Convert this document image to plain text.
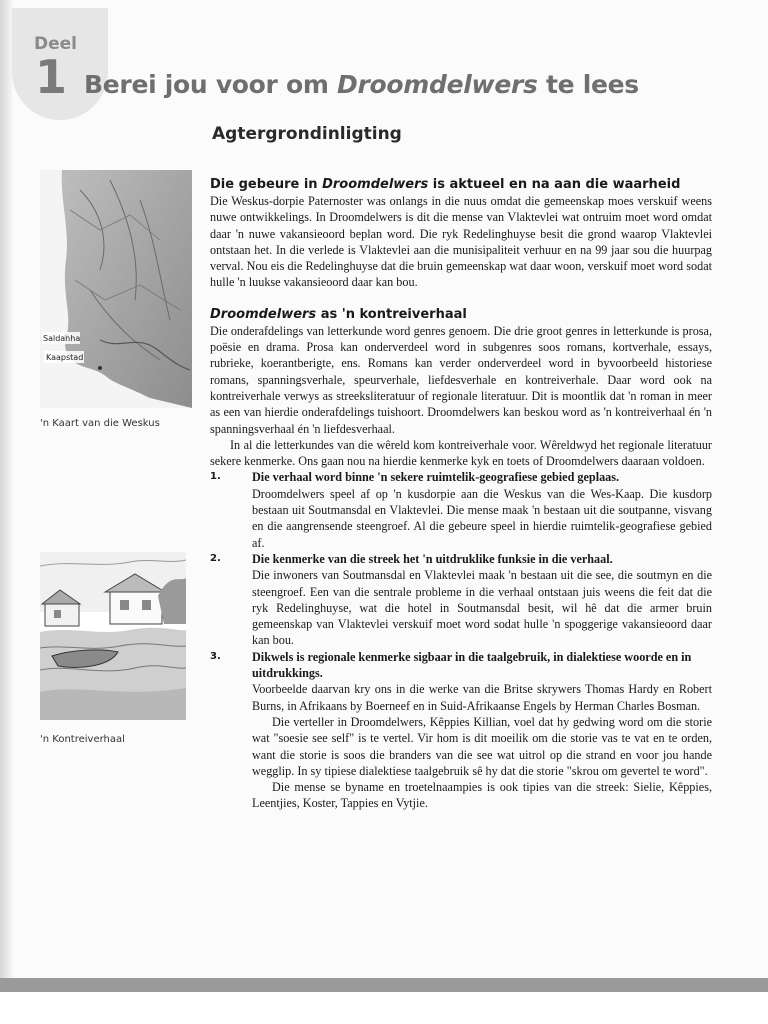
Deel
1 Berei jou voor om Droomdelwers te lees
Agtergrondinligting
Saldanha
Kaapstad
'n Kaart van die Weskus
'n Kontreiverhaal
Die gebeure in Droomdelwers is aktueel en na aan die waarheid

Die Weskus-dorpie Paternoster was onlangs in die nuus omdat die gemeenskap moes verskuif weens nuwe ontwikkelings. In Droomdelwers is dit die mense van Vlaktevlei wat ontruim moet word omdat daar 'n nuwe vakansieoord beplan word. Die ryk Redelinghuyse besit die grond waarop Vlaktevlei ontstaan het. In die verlede is Vlaktevlei aan die munisipaliteit verhuur en na 99 jaar sou die huurpag verval. Nou eis die Redelinghuyse dat die bruin gemeenskap wat daar woon, verskuif moet word sodat hulle 'n luukse vakansieoord daar kan bou.

Droomdelwers as 'n kontreiverhaal

Die onderafdelings van letterkunde word genres genoem. Die drie groot genres in letterkunde is prosa, poësie en drama. Prosa kan onderverdeel word in subgenres soos romans, kortverhale, essays, rubrieke, koerantberigte, ens. Romans kan verder onderverdeel word in byvoorbeeld historiese romans, spanningsverhale, speurverhale, liefdesverhale en kontreiverhale. Daar word ook na kontreiverhale verwys as streeksliteratuur of regionale literatuur. Dit is moontlik dat 'n roman in meer as een van hierdie onderafdelings tuishoort. Droomdelwers kan beskou word as 'n kontreiverhaal én 'n spanningsverhaal én 'n liefdesverhaal.

In al die letterkundes van die wêreld kom kontreiverhale voor. Wêreldwyd het regionale literatuur sekere kenmerke. Ons gaan nou na hierdie kenmerke kyk en toets of Droomdelwers daaraan voldoen.

1.	Die verhaal word binne 'n sekere ruimtelik-geografiese gebied geplaas.

Droomdelwers speel af op 'n kusdorpie aan die Weskus van die Wes-Kaap. Die kusdorp bestaan uit Soutmansdal en Vlaktevlei. Die mense maak 'n bestaan uit die soutpanne, visvang en die aangrensende steengroef. Al die gebeure speel in hierdie ruimtelik-geografiese gebied af.

2.	Die kenmerke van die streek het 'n uitdruklike funksie in die verhaal.

Die inwoners van Soutmansdal en Vlaktevlei maak 'n bestaan uit die see, die soutmyn en die steengroef. Een van die sentrale probleme in die verhaal ontstaan juis weens die feit dat die ryk Redelinghuyse, wat die hotel in Soutmansdal besit, wil hê dat die armer bruin gemeenskap van Vlaktevlei verskuif moet word sodat hulle 'n spoggerige vakansieoord daar kan bou.

3.	Dikwels is regionale kenmerke sigbaar in die taalgebruik, in dialektiese woorde en in uitdrukkings.

Voorbeelde daarvan kry ons in die werke van die Britse skrywers Thomas Hardy en Robert Burns, in Afrikaans by Boerneef en in Suid-Afrikaanse Engels by Herman Charles Bosman.

Die verteller in Droomdelwers, Kêppies Killian, voel dat hy gedwing word om die storie wat "soesie see self" is te vertel. Vir hom is dit moeilik om die storie vas te vat en te orden, want die storie is soos die branders van die see wat uitrol op die strand en voor jou hande wegglip. In sy tipiese dialektiese taalgebruik sê hy dat die storie "skrou om gevertel te word".

Die mense se byname en troetelnaampies is ook tipies van die streek: Sielie, Kêppies, Leentjies, Koster, Tappies en Vytjie.
